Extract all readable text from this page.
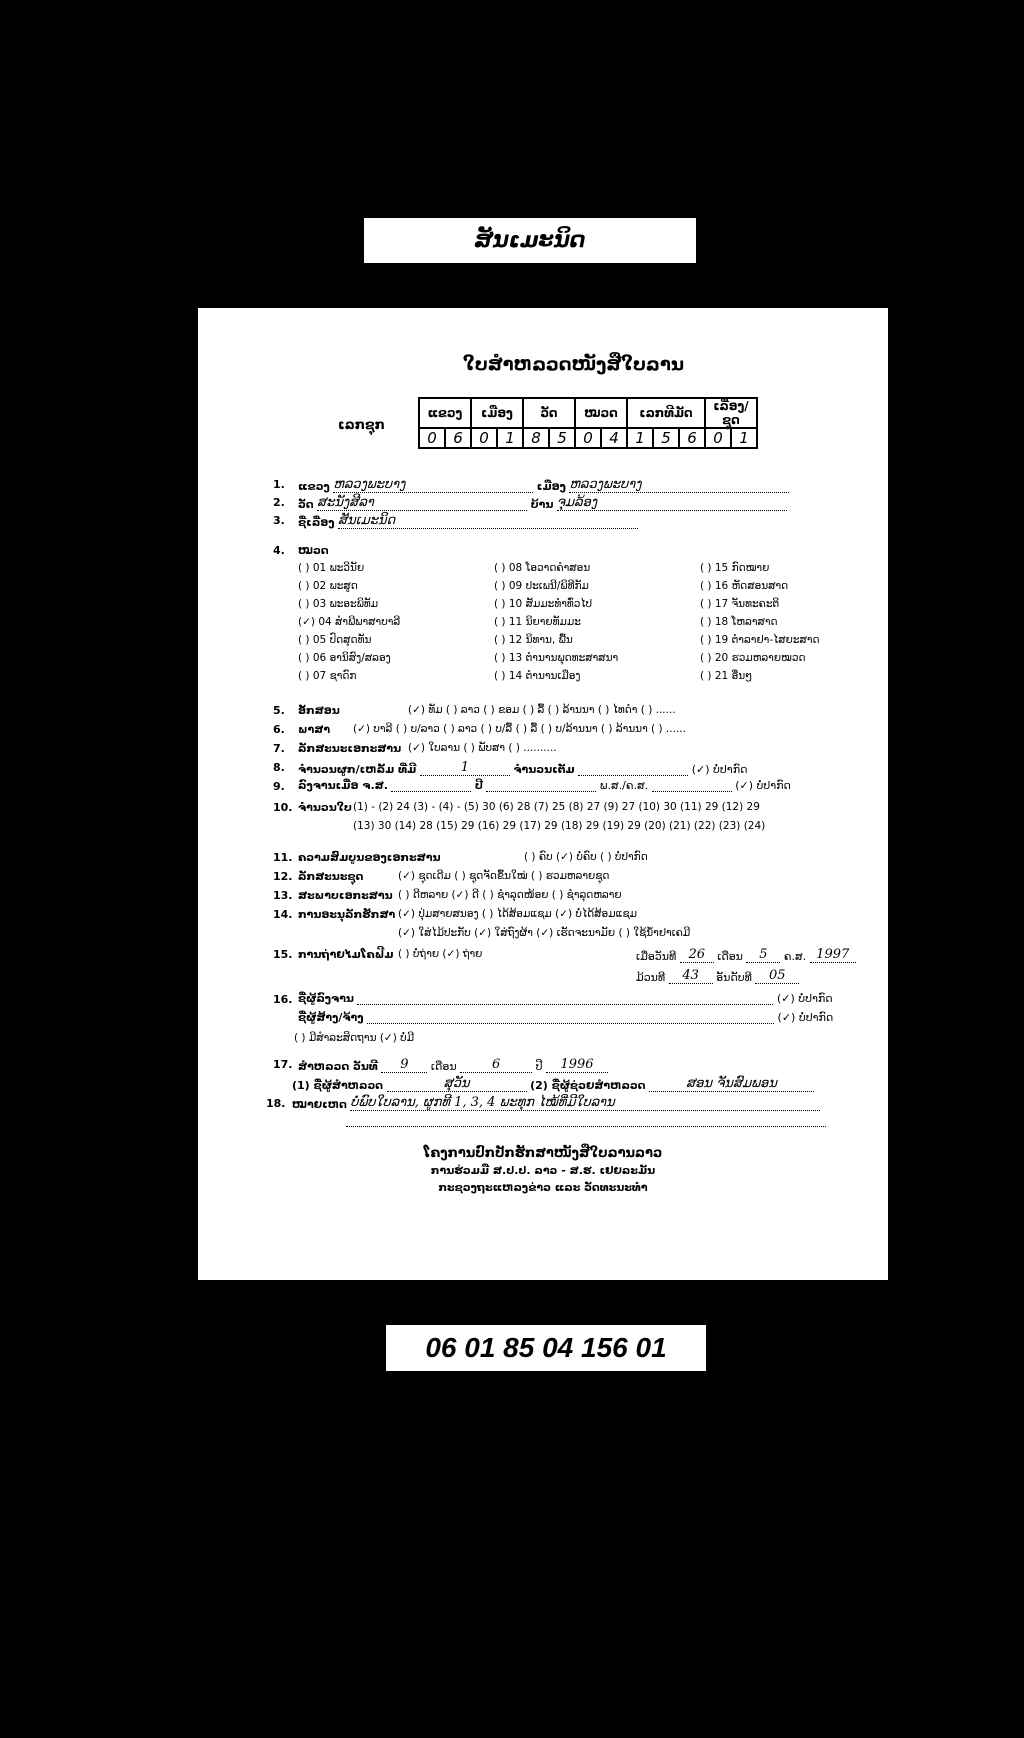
ສັນເມະນິດ
ໃບສຳຫລວດໜັງສືໃບລານ
ເລກຊຸກ
ແຂວງ		ເມືອງ		ວັດ		ໝວດ		ເລກທີມັດ			ເລື່ອງ/ຊຸດ	
0	6	0	1	8	5	0	4	1	5	6	0	1
1. ແຂວງ ຫລວງພະບາງ	ເມືອງ ຫລວງພະບາງ
2. ວັດ ສະນັງສີລາ	ບ້ານ ຈຸມລ້ອງ
3. ຊື່ເລື່ອງ ສັນເມະນິດ
4. ໝວດ
( ) 01 ພະວິນັຍ	( ) 08 ໂອວາດຄຳສອນ	( ) 15 ກົດໝາຍ
( ) 02 ພະສູດ	( ) 09 ປະເພນີ/ພິທີກັມ	( ) 16 ຫັດສອນສາດ
( ) 03 ພະອະພິທັມ	( ) 10 ສັມມະທຳທົ່ວໄປ	( ) 17 ຈັນທະຄະຕິ
(✓) 04 ສຳພີພາສາບາລີ	( ) 11 ນິຍາຍທັມມະ	( ) 18 ໂຫລາສາດ
( ) 05 ປົດສຸດທັນ	( ) 12 ນິທານ, ພື້ນ	( ) 19 ຕຳລາຢາ-ໄສຍະສາດ
( ) 06 ອານິສົງ/ສລອງ	( ) 13 ຕຳນານພຸດທະສາສນາ	( ) 20 ຮວມຫລາຍໝວດ
( ) 07 ຊາດົກ	( ) 14 ຕຳນານເມືອງ	( ) 21 ອື່ນໆ
5. ອັກສອນ	(✓) ທັມ ( ) ລາວ ( ) ຂອມ ( ) ລື້ ( ) ລ້ານນາ ( ) ໄທດຳ ( ) ......
6. ພາສາ (✓) ບາລີ ( ) ບ/ລາວ ( ) ລາວ ( ) ບ/ລື້ ( ) ລື້ ( ) ບ/ລ້ານນາ ( ) ລ້ານນາ ( ) ......
7. ລັກສະນະເອກະສານ (✓) ໃບລານ ( ) ພັບສາ ( ) ..........
8. ຈຳນວນຜູກ/ເຫລັ້ມ ທີ່ມີ	1	ຈຳນວນເຕັມ	(✓) ບໍ່ປາກົດ
9. ລົງຈານເມື່ອ ຈ.ສ.	ປີ	ພ.ສ./ຄ.ສ.	(✓) ບໍ່ປາກົດ
10. ຈຳນວນໃບ (1) - (2) 24 (3) - (4) - (5) 30 (6) 28 (7) 25 (8) 27 (9) 27 (10) 30 (11) 29 (12) 29
(13) 30 (14) 28 (15) 29 (16) 29 (17) 29 (18) 29 (19) 29 (20) (21) (22) (23) (24)
11. ຄວາມສົມບູນຂອງເອກະສານ	( ) ຄົບ (✓) ບໍ່ຄົບ ( ) ບໍ່ປາກົດ
12. ລັກສະນະຊຸດ	(✓) ຊຸດເດີມ ( ) ຊຸດຈັດຂຶ້ນໃໝ່ ( ) ຮວມຫລາຍຊຸດ
13. ສະພາບເອກະສານ ( ) ດີຫລາຍ (✓) ດີ ( ) ຊຳລຸດໜ້ອຍ ( ) ຊຳລຸດຫລາຍ
14. ການອະນຸລັກຮັກສາ (✓) ປຸ່ມສາຍສນອງ ( ) ໄດ້ສ້ອມແຊມ (✓) ບໍ່ໄດ້ສ້ອມແຊມ
(✓) ໃສ່ໄມ້ປະກັບ (✓) ໃສ່ຖົງຜ້າ (✓) ເຮັດຈະນາມັຍ ( ) ໃຊ້ນ້ຳຢາເຄມີ
15. ການຖ່າຍໄມໂຄຟີມ ( ) ບໍ່ຖ່າຍ (✓) ຖ່າຍ	ເມື່ອວັນທີ 26 ເດືອນ 5 ຄ.ສ. 1997
ມ້ວນທີ 43 ອັນດັບທີ 05
16. ຊື່ຜູ້ລົງຈານ	(✓) ບໍ່ປາກົດ
ຊື່ຜູ້ສ້າງ/ຈ້າງ	(✓) ບໍ່ປາກົດ
( ) ມີສຳລະສິດຖານ (✓) ບໍ່ມີ
17. ສຳຫລວດ ວັນທີ 9 ເດືອນ	6	ປີ 1996
(1) ຊື່ຜູ້ສຳຫລວດ	ສຸວັນ	(2) ຊື່ຜູ້ຊ່ວຍສຳຫລວດ	ສອນ ຈັນສົມພອນ
18. ໝາຍເຫດ ບໍ່ພົບໃບລານ, ຜູກທີ 1, 3, 4 ພະທຸກ ໄໝ້ທີ່ມີໃບລານ
ໂຄງການປົກປັກຮັກສາໜັງສືໃບລານລາວ
ການຮ່ວມມື ສ.ປ.ປ. ລາວ - ສ.ຮ. ເຢຍລະມັນ
ກະຊວງຖະແຫລງຂ່າວ ແລະ ວັດທະນະທຳ
06 01 85 04 156 01
